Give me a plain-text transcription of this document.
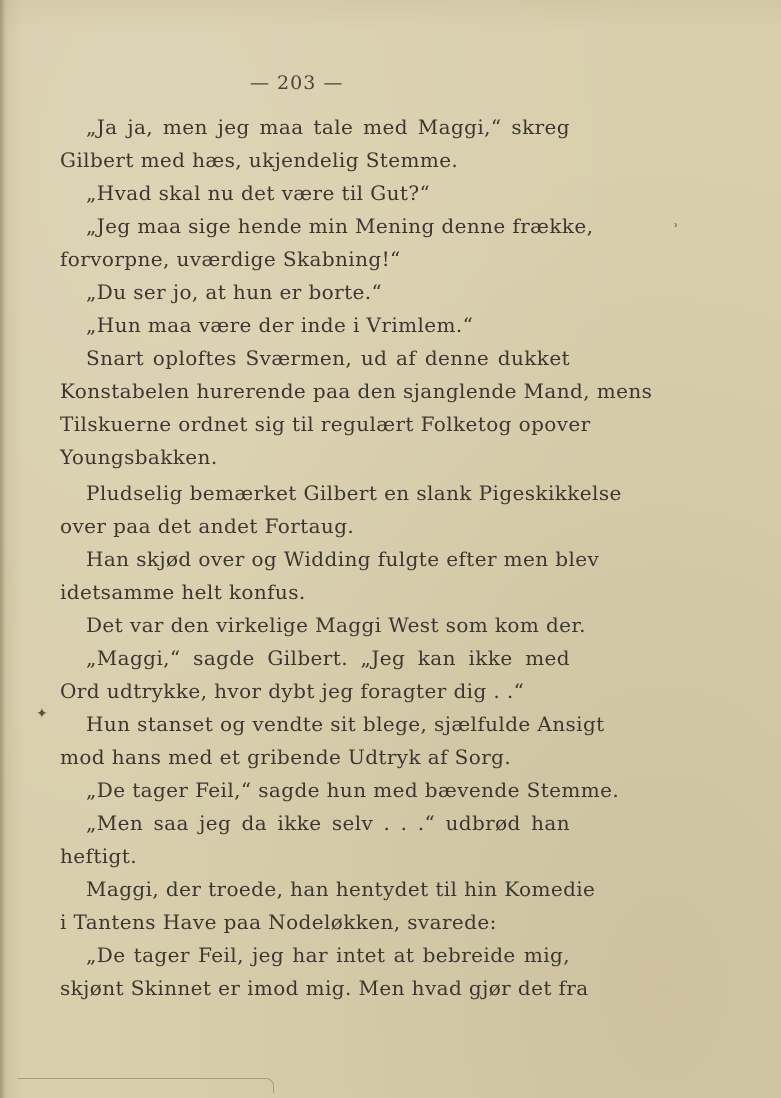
— 203 —
„Ja ja, men jeg maa tale med Maggi,“ skreg
Gilbert med hæs, ukjendelig Stemme.
„Hvad skal nu det være til Gut?“
„Jeg maa sige hende min Mening denne frække,
forvorpne, uværdige Skabning!“
„Du ser jo, at hun er borte.“
„Hun maa være der inde i Vrimlem.“
Snart oploftes Sværmen, ud af denne dukket
Konstabelen hurerende paa den sjanglende Mand, mens
Tilskuerne ordnet sig til regulært Folketog opover
Youngsbakken.
Pludselig bemærket Gilbert en slank Pigeskikkelse
over paa det andet Fortaug.
Han skjød over og Widding fulgte efter men blev
idetsamme helt konfus.
Det var den virkelige Maggi West som kom der.
„Maggi,“ sagde Gilbert. „Jeg kan ikke med
Ord udtrykke, hvor dybt jeg foragter dig . .“
Hun stanset og vendte sit blege, sjælfulde Ansigt
mod hans med et gribende Udtryk af Sorg.
„De tager Feil,“ sagde hun med bævende Stemme.
„Men saa jeg da ikke selv . . .“ udbrød han
heftigt.
Maggi, der troede, han hentydet til hin Komedie
i Tantens Have paa Nodeløkken, svarede:
„De tager Feil, jeg har intet at bebreide mig,
skjønt Skinnet er imod mig. Men hvad gjør det fra
✦
ʾ
